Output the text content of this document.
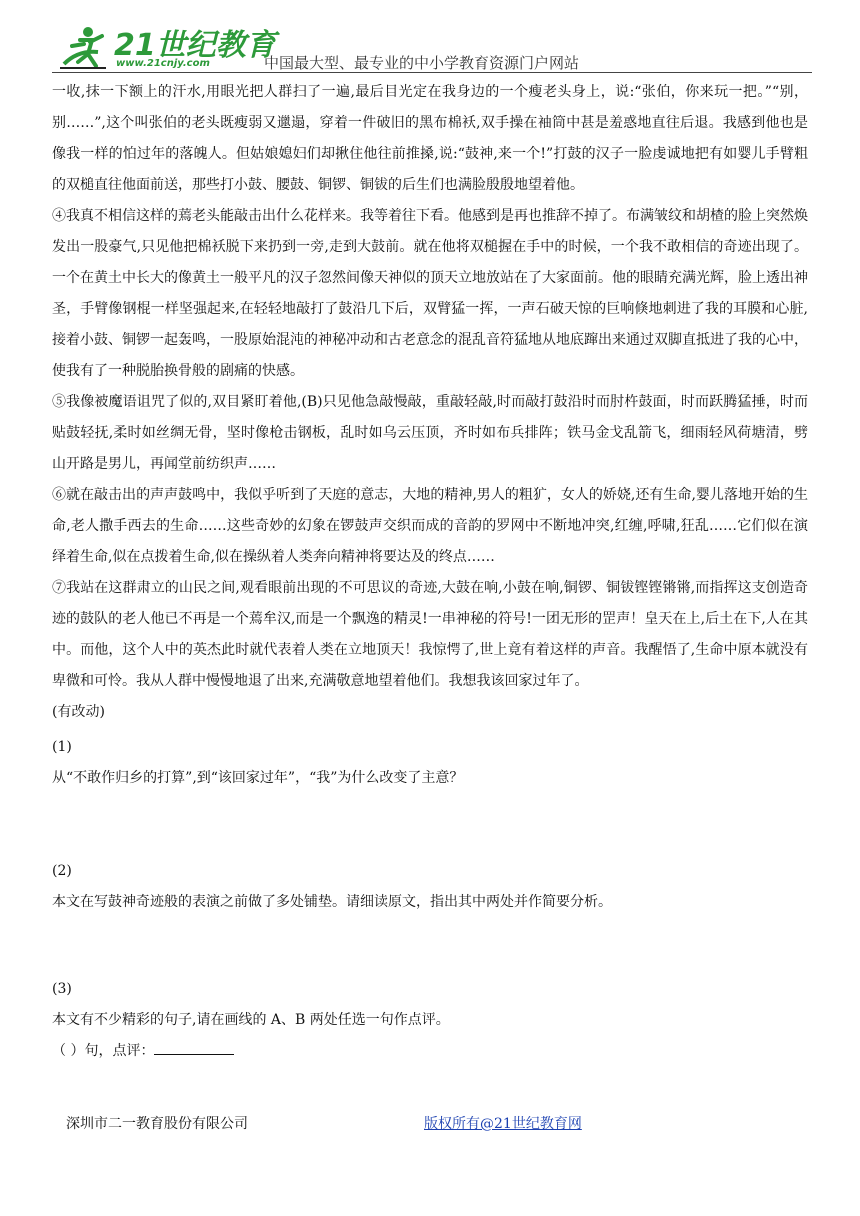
21世纪教育
www.21cnjy.com	中国最大型、最专业的中小学教育资源门户网站

一收,抹一下额上的汗水,用眼光把人群扫了一遍,最后目光定在我身边的一个瘦老头身上，说:“张伯，你来玩一把。”“别，别……”,这个叫张伯的老头既瘦弱又邋遢，穿着一件破旧的黑布棉袄,双手操在袖筒中甚是羞惑地直往后退。我感到他也是像我一样的怕过年的落魄人。但姑娘媳妇们却揪住他往前推搡,说:“鼓神,来一个!”打鼓的汉子一脸虔诚地把有如婴儿手臂粗的双槌直往他面前送，那些打小鼓、腰鼓、铜锣、铜钹的后生们也满脸殷殷地望着他。

④我真不相信这样的蔫老头能敲击出什么花样来。我等着往下看。他感到是再也推辞不掉了。布满皱纹和胡楂的脸上突然焕发出一股豪气,只见他把棉袄脱下来扔到一旁,走到大鼓前。就在他将双槌握在手中的时候，一个我不敢相信的奇迹出现了。一个在黄土中长大的像黄土一般平凡的汉子忽然间像天神似的顶天立地放站在了大家面前。他的眼睛充满光辉，脸上透出神圣，手臂像钢棍一样坚强起来,在轻轻地敲打了鼓沿几下后，双臂猛一挥，一声石破天惊的巨响倏地刺进了我的耳膜和心脏,接着小鼓、铜锣一起轰鸣，一股原始混沌的神秘冲动和古老意念的混乱音符猛地从地底蹿出来通过双脚直抵进了我的心中，使我有了一种脱胎换骨般的剧痛的快感。

⑤我像被魔语诅咒了似的,双目紧盯着他,(B)只见他急敲慢敲，重敲轻敲,时而敲打鼓沿时而肘杵鼓面，时而跃腾猛捶，时而贴鼓轻抚,柔时如丝绸无骨，坚时像枪击钢板，乱时如乌云压顶，齐时如布兵排阵；铁马金戈乱箭飞，细雨轻风荷塘清，劈山开路是男儿，再闻堂前纺织声……

⑥就在敲击出的声声鼓鸣中，我似乎听到了天庭的意志，大地的精神,男人的粗犷，女人的娇娆,还有生命,婴儿落地开始的生命,老人撒手西去的生命……这些奇妙的幻象在锣鼓声交织而成的音韵的罗网中不断地冲突,红缠,呼啸,狂乱……它们似在演绎着生命,似在点拨着生命,似在操纵着人类奔向精神将要达及的终点……

⑦我站在这群肃立的山民之间,观看眼前出现的不可思议的奇迹,大鼓在响,小鼓在响,铜锣、铜钹铿铿锵锵,而指挥这支创造奇迹的鼓队的老人他已不再是一个蔫牟汉,而是一个飘逸的精灵!一串神秘的符号!一团无形的罡声！皇天在上,后土在下,人在其中。而他，这个人中的英杰此时就代表着人类在立地顶天！我惊愕了,世上竟有着这样的声音。我醒悟了,生命中原本就没有卑微和可怜。我从人群中慢慢地退了出来,充满敬意地望着他们。我想我该回家过年了。

(有改动)

(1)

从“不敢作归乡的打算”,到“该回家过年”，“我”为什么改变了主意？

(2)

本文在写鼓神奇迹般的表演之前做了多处铺垫。请细读原文，指出其中两处并作简要分析。

(3)

本文有不少精彩的句子,请在画线的 A、B 两处任选一句作点评。

（ ）句，点评：

深圳市二一教育股份有限公司	版权所有@21世纪教育网
